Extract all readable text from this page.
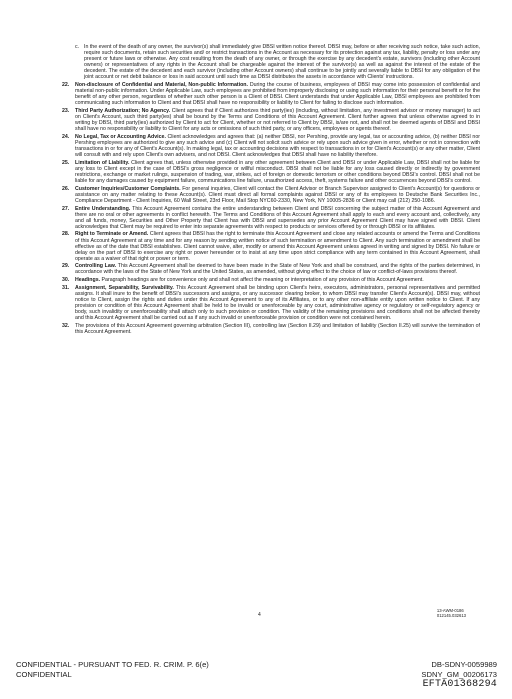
c. In the event of the death of any owner, the survivor(s) shall immediately give DBSI written notice thereof. DBSI may, before or after receiving such notice, take such action, require such documents, retain such securities and/ or restrict transactions in the Account as necessary for its protection against any tax, liability, penalty or loss under any present or future laws or otherwise. Any cost resulting from the death of any owner, or through the exercise by any decedent's estate, survivors (including other Account owners) or representatives of any rights in the Account shall be chargeable against the interest of the survivor(s) as well as against the interest of the estate of the decedent. The estate of the decedent and each survivor (including other Account owners) shall continue to be jointly and severally liable to DBSI for any obligation of the joint account or net debit balance or loss in said account until such time as DBSI distributes the assets in accordance with Clients' instructions.
22.	Non-disclosure of Confidential and Material, Non-public Information. During the course of business, employees of DBSI may come into possession of confidential and material non-public information. Under Applicable Law, such employees are prohibited from improperly disclosing or using such information for their personal benefit or for the benefit of any other person, regardless of whether such other person is a Client of DBSI. Client understands that under Applicable Law, DBSI employees are prohibited from communicating such information to Client and that DBSI shall have no responsibility or liability to Client for failing to disclose such information.
23.	Third Party Authorization; No Agency. Client agrees that if Client authorizes third party(ies) (including, without limitation, any investment advisor or money manager) to act on Client's Account, such third party(ies) shall be bound by the Terms and Conditions of this Account Agreement. Client further agrees that unless otherwise agreed to in writing by DBSI, third party(ies) authorized by Client to act for Client, whether or not referred to Client by DBSI, is/are not, and shall not be deemed agents of DBSI and DBSI shall have no responsibility or liability to Client for any acts or omissions of such third party, or any officers, employees or agents thereof.
24.	No Legal, Tax or Accounting Advice. Client acknowledges and agrees that: (a) neither DBSI, nor Pershing, provide any legal, tax or accounting advice, (b) neither DBSI nor Pershing employees are authorized to give any such advice and (c) Client will not solicit such advice or rely upon such advice given in error, whether or not in connection with transactions in or for any of Client's Account(s). In making legal, tax or accounting decisions with respect to transactions in or for Client's Account(s) or any other matter, Client will consult with and rely upon Client's own advisers, and not DBSI. Client acknowledges that DBSI shall have no liability therefore.
25.	Limitation of Liability. Client agrees that, unless otherwise provided in any other agreement between Client and DBSI or under Applicable Law, DBSI shall not be liable for any loss to Client except in the case of DBSI's gross negligence or willful misconduct. DBSI shall not be liable for any loss caused directly or indirectly by government restrictions, exchange or market rulings, suspension of trading, war, strikes, act of foreign or domestic terrorism or other conditions beyond DBSI's control. DBSI shall not be liable for any damages caused by equipment failure, communications line failure, unauthorized access, theft, systems failure and other occurrences beyond DBSI's control.
26.	Customer Inquiries/Customer Complaints. For general inquiries, Client will contact the Client Advisor or Branch Supervisor assigned to Client's Account(s) for questions or assistance on any matter relating to these Account(s). Client must direct all formal complaints against DBSI or any of its employees to Deutsche Bank Securities Inc., Compliance Department - Client Inquiries, 60 Wall Street, 23rd Floor, Mail Stop NYC60-2330, New York, NY 10005-2836 or Client may call (212) 250-1086.
27.	Entire Understanding. This Account Agreement contains the entire understanding between Client and DBSI concerning the subject matter of this Account Agreement and there are no oral or other agreements in conflict herewith. The Terms and Conditions of this Account Agreement shall apply to each and every account and, collectively, any and all funds, money, Securities and Other Property that Client has with DBSI and supersedes any prior Account Agreement Client may have signed with DBSI. Client acknowledges that Client may be required to enter into separate agreements with respect to products or services offered by or through DBSI or its affiliates.
28.	Right to Terminate or Amend. Client agrees that DBSI has the right to terminate this Account Agreement and close any related accounts or amend the Terms and Conditions of this Account Agreement at any time and for any reason by sending written notice of such termination or amendment to Client. Any such termination or amendment shall be effective as of the date that DBSI establishes. Client cannot waive, alter, modify or amend this Account Agreement unless agreed in writing and signed by DBSI. No failure or delay on the part of DBSI to exercise any right or power hereunder or to insist at any time upon strict compliance with any term contained in this Account Agreement, shall operate as a waiver of that right or power or term.
29.	Controlling Law. This Account Agreement shall be deemed to have been made in the State of New York and shall be construed, and the rights of the parties determined, in accordance with the laws of the State of New York and the United States, as amended, without giving effect to the choice of law or conflict-of-laws provisions thereof.
30.	Headings. Paragraph headings are for convenience only and shall not affect the meaning or interpretation of any provision of this Account Agreement.
31.	Assignment, Separability, Survivability. This Account Agreement shall be binding upon Client's heirs, executors, administrators, personal representatives and permitted assigns. It shall inure to the benefit of DBSI's successors and assigns, or any successor clearing broker, to whom DBSI may transfer Client's Account(s). DBSI may, without notice to Client, assign the rights and duties under this Account Agreement to any of its Affiliates, or to any other non-affiliate entity upon written notice to Client. If any provision or condition of this Account Agreement shall be held to be invalid or unenforceable by any court, administrative agency or regulatory or self-regulatory agency or body, such invalidity or unenforceability shall attach only to such provision or condition. The validity of the remaining provisions and conditions shall not be affected thereby and this Account Agreement shall be carried out as if any such invalid or unenforceable provision or condition were not contained herein.
32.	The provisions of this Account Agreement governing arbitration (Section III), controlling law (Section II.29) and limitation of liability (Section II.25) will survive the termination of this Account Agreement.
4
13-AWM-0186
012145.032613
CONFIDENTIAL - PURSUANT TO FED. R. CRIM. P. 6(e)
CONFIDENTIAL
DB-SDNY-0059989
SDNY_GM_00206173
EFTA01368294
